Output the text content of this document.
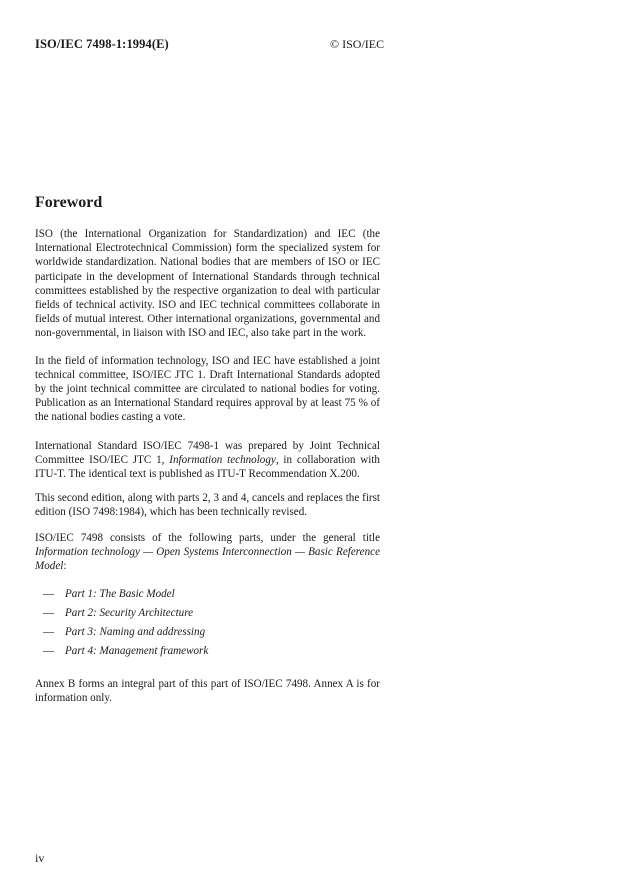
ISO/IEC 7498-1:1994(E)	© ISO/IEC
Foreword

ISO (the International Organization for Standardization) and IEC (the International Electrotechnical Commission) form the specialized system for worldwide standardization. National bodies that are members of ISO or IEC participate in the development of International Standards through technical committees established by the respective organization to deal with particular fields of technical activity. ISO and IEC technical committees collaborate in fields of mutual interest. Other international organizations, governmental and non-governmental, in liaison with ISO and IEC, also take part in the work.

In the field of information technology, ISO and IEC have established a joint technical committee, ISO/IEC JTC 1. Draft International Standards adopted by the joint technical committee are circulated to national bodies for voting. Publication as an International Standard requires approval by at least 75 % of the national bodies casting a vote.

International Standard ISO/IEC 7498-1 was prepared by Joint Technical Committee ISO/IEC JTC 1, Information technology, in collaboration with ITU-T. The identical text is published as ITU-T Recommendation X.200.

This second edition, along with parts 2, 3 and 4, cancels and replaces the first edition (ISO 7498:1984), which has been technically revised.

ISO/IEC 7498 consists of the following parts, under the general title Information technology — Open Systems Interconnection — Basic Reference Model:

— Part 1: The Basic Model
— Part 2: Security Architecture
— Part 3: Naming and addressing
— Part 4: Management framework

Annex B forms an integral part of this part of ISO/IEC 7498. Annex A is for information only.

iv
